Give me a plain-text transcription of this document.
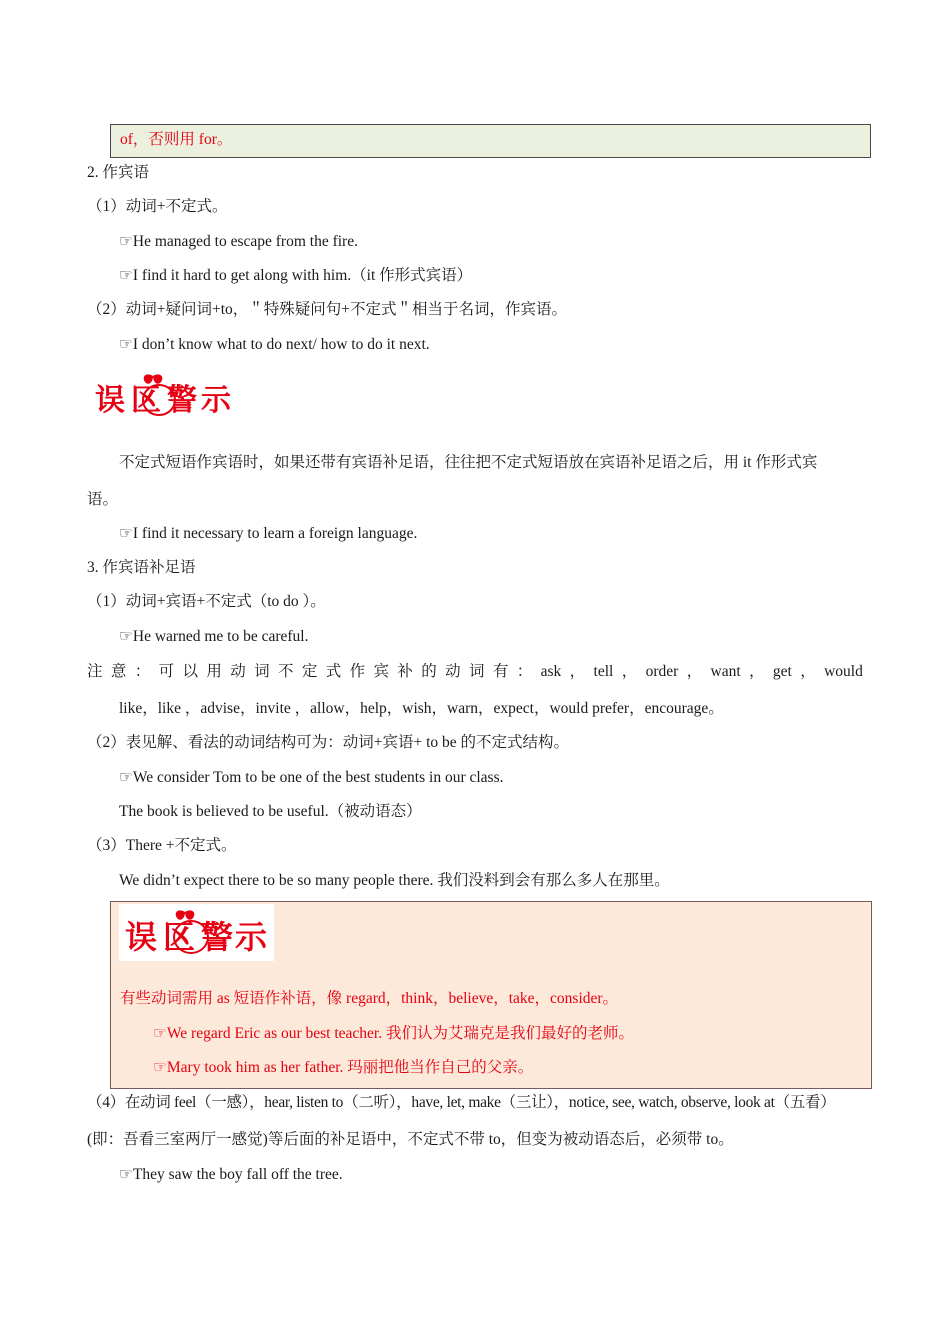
of，否则用 for。
2. 作宾语
（1）动词+不定式。
☞He managed to escape from the fire.
☞I find it hard to get along with him.（it 作形式宾语）
（2）动词+疑问词+to，＂特殊疑问句+不定式＂相当于名词，作宾语。
☞I don’t know what to do next/ how to do it next.
误 区 警 示
不定式短语作宾语时，如果还带有宾语补足语，往往把不定式短语放在宾语补足语之后，用 it 作形式宾
语。
☞I find it necessary to learn a foreign language.
3. 作宾语补足语
（1）动词+宾语+不定式（to do ）。
☞He warned me to be careful.
注 意 ： 可 以 用 动 词 不 定 式 作 宾 补 的 动 词 有 ： ask ， tell ， order ， want ， get ， would
like，like ，advise，invite ，allow，help，wish，warn，expect，would prefer，encourage。
（2）表见解、看法的动词结构可为：动词+宾语+ to be 的不定式结构。
☞We consider Tom to be one of the best students in our class.
The book is believed to be useful.（被动语态）
（3）There +不定式。
We didn’t expect there to be so many people there. 我们没料到会有那么多人在那里。
误 区 警 示
有些动词需用 as 短语作补语，像 regard，think，believe，take，consider。
☞We regard Eric as our best teacher. 我们认为艾瑞克是我们最好的老师。
☞Mary took him as her father. 玛丽把他当作自己的父亲。
（4）在动词 feel（一感），hear, listen to（二听），have, let, make（三让），notice, see, watch, observe, look at（五看）
(即：吾看三室两厅一感觉)等后面的补足语中，不定式不带 to，但变为被动语态后，必须带 to。
☞They saw the boy fall off the tree.
